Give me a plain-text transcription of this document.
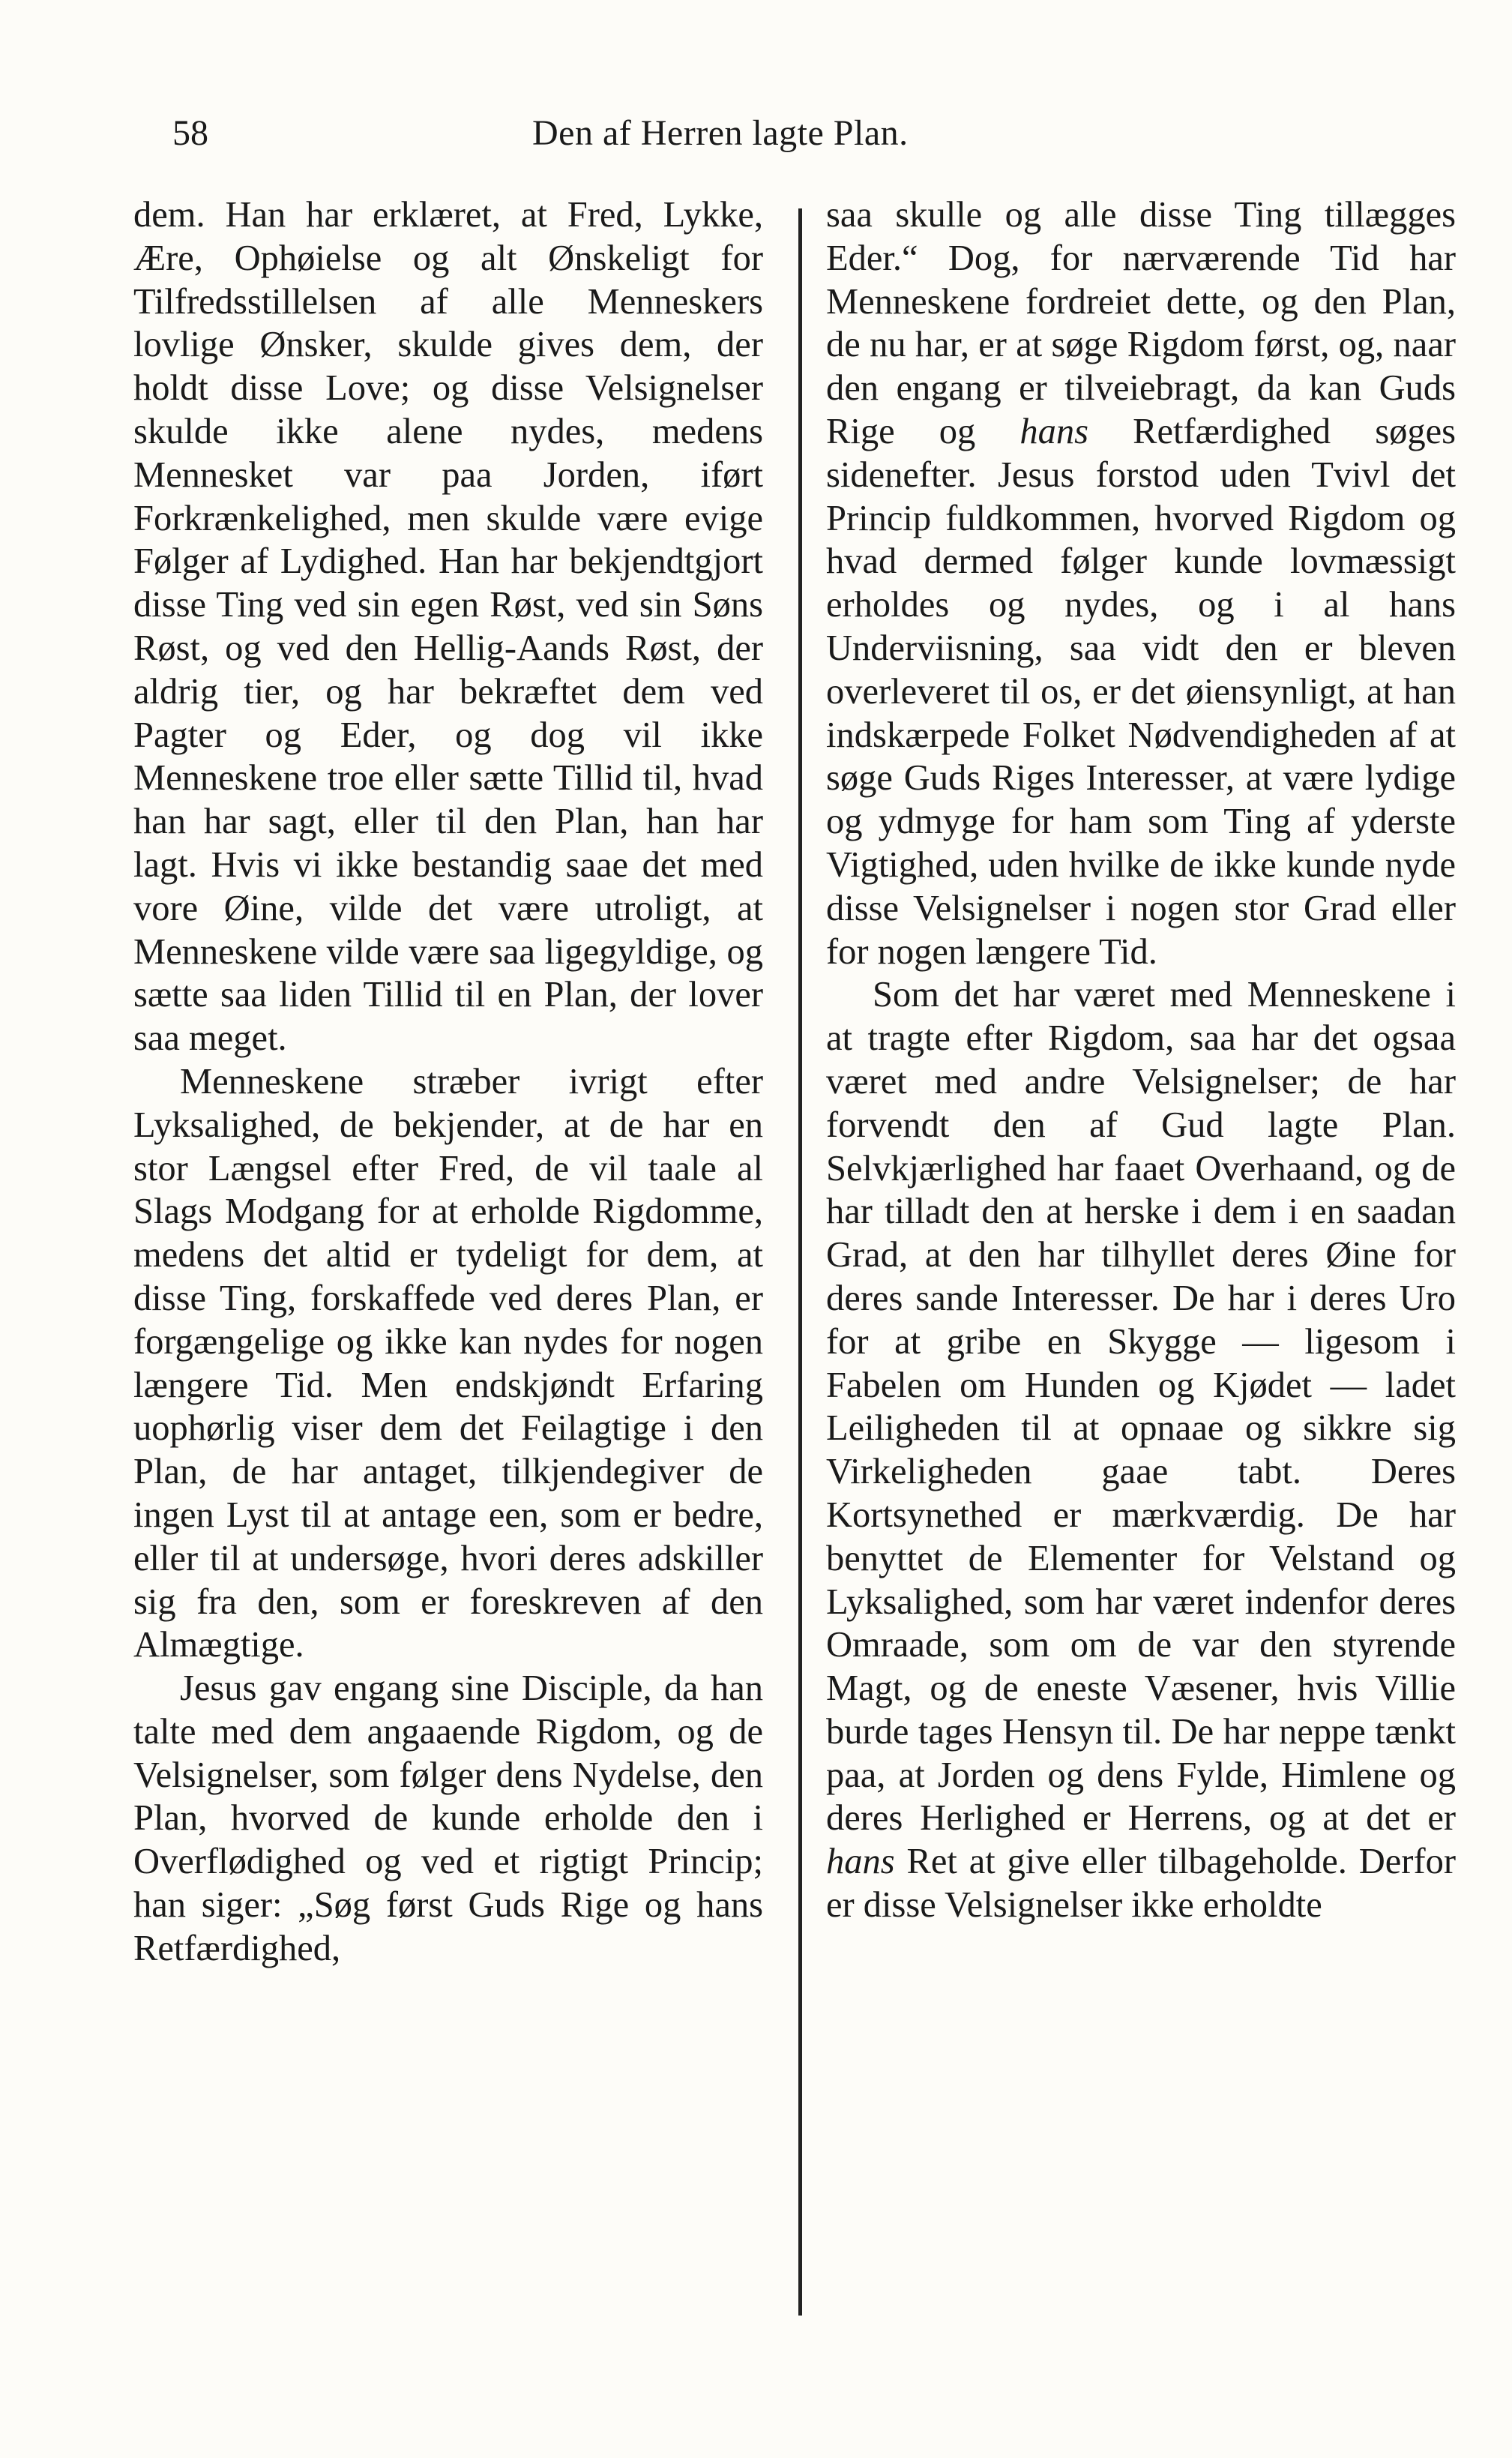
58	Den af Herren lagte Plan.

dem. Han har erklæret, at Fred, Lykke, Ære, Ophøielse og alt Ønskeligt for Tilfredsstillelsen af alle Menneskers lovlige Ønsker, skulde gives dem, der holdt disse Love; og disse Velsignelser skulde ikke alene nydes, medens Mennesket var paa Jorden, iført Forkrænkelighed, men skulde være evige Følger af Lydighed. Han har bekjendtgjort disse Ting ved sin egen Røst, ved sin Søns Røst, og ved den Hellig-Aands Røst, der aldrig tier, og har bekræftet dem ved Pagter og Eder, og dog vil ikke Menneskene troe eller sætte Tillid til, hvad han har sagt, eller til den Plan, han har lagt. Hvis vi ikke bestandig saae det med vore Øine, vilde det være utroligt, at Menneskene vilde være saa ligegyldige, og sætte saa liden Tillid til en Plan, der lover saa meget.

Menneskene stræber ivrigt efter Lyksalighed, de bekjender, at de har en stor Længsel efter Fred, de vil taale al Slags Modgang for at erholde Rigdomme, medens det altid er tydeligt for dem, at disse Ting, forskaffede ved deres Plan, er forgængelige og ikke kan nydes for nogen længere Tid. Men endskjøndt Erfaring uophørlig viser dem det Feilagtige i den Plan, de har antaget, tilkjendegiver de ingen Lyst til at antage een, som er bedre, eller til at undersøge, hvori deres adskiller sig fra den, som er foreskreven af den Almægtige.

Jesus gav engang sine Disciple, da han talte med dem angaaende Rigdom, og de Velsignelser, som følger dens Nydelse, den Plan, hvorved de kunde erholde den i Overflødighed og ved et rigtigt Princip; han siger: „Søg først Guds Rige og hans Retfærdighed,

saa skulle og alle disse Ting tillægges Eder.“ Dog, for nærværende Tid har Menneskene fordreiet dette, og den Plan, de nu har, er at søge Rigdom først, og, naar den engang er tilveiebragt, da kan Guds Rige og hans Retfærdighed søges sidenefter. Jesus forstod uden Tvivl det Princip fuldkommen, hvorved Rigdom og hvad dermed følger kunde lovmæssigt erholdes og nydes, og i al hans Underviisning, saa vidt den er bleven overleveret til os, er det øiensynligt, at han indskærpede Folket Nødvendigheden af at søge Guds Riges Interesser, at være lydige og ydmyge for ham som Ting af yderste Vigtighed, uden hvilke de ikke kunde nyde disse Velsignelser i nogen stor Grad eller for nogen længere Tid.

Som det har været med Menneskene i at tragte efter Rigdom, saa har det ogsaa været med andre Velsignelser; de har forvendt den af Gud lagte Plan. Selvkjærlighed har faaet Overhaand, og de har tilladt den at herske i dem i en saadan Grad, at den har tilhyllet deres Øine for deres sande Interesser. De har i deres Uro for at gribe en Skygge — ligesom i Fabelen om Hunden og Kjødet — ladet Leiligheden til at opnaae og sikkre sig Virkeligheden gaae tabt. Deres Kortsynethed er mærkværdig. De har benyttet de Elementer for Velstand og Lyksalighed, som har været indenfor deres Omraade, som om de var den styrende Magt, og de eneste Væsener, hvis Villie burde tages Hensyn til. De har neppe tænkt paa, at Jorden og dens Fylde, Himlene og deres Herlighed er Herrens, og at det er hans Ret at give eller tilbageholde. Derfor er disse Velsignelser ikke erholdte
